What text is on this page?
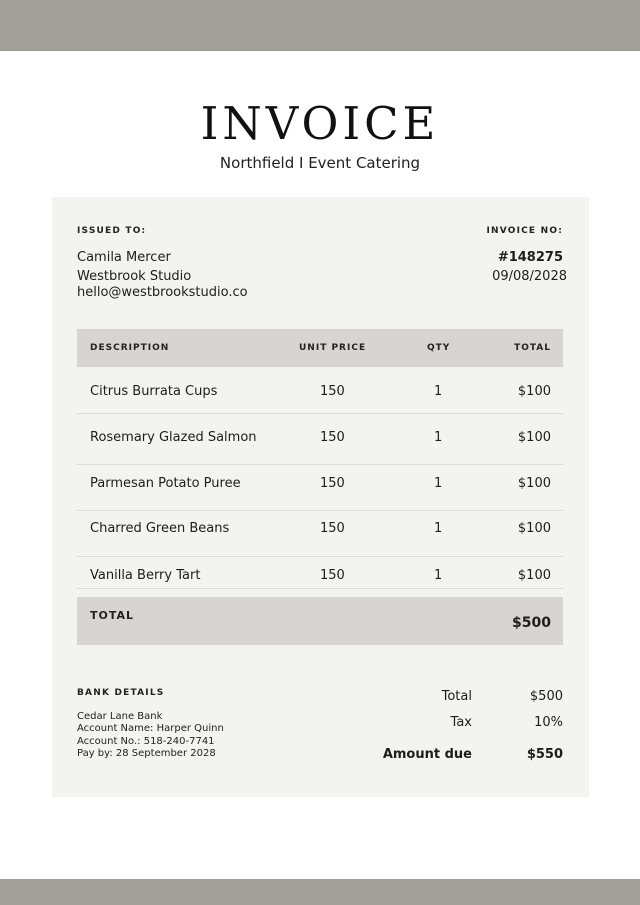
INVOICE
Northfield I Event Catering
ISSUED TO:
Camila Mercer
Westbrook Studio
hello@westbrookstudio.co
INVOICE NO:
#148275
09/08/2028
DESCRIPTION	UNIT PRICE	QTY	TOTAL
Citrus Burrata Cups	150	1	$100
Rosemary Glazed Salmon	150	1	$100
Parmesan Potato Puree	150	1	$100
Charred Green Beans	150	1	$100
Vanilla Berry Tart	150	1	$100
TOTAL	$500
BANK DETAILS
Cedar Lane Bank
Account Name: Harper Quinn
Account No.: 518-240-7741
Pay by: 28 September 2028
Total	$500
Tax	10%
Amount due	$550
